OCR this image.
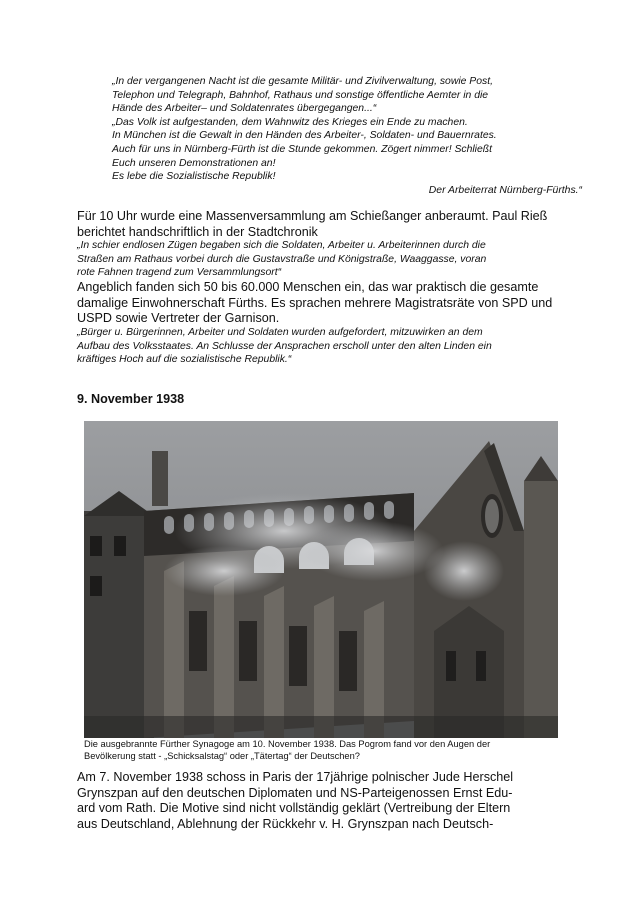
„In der vergangenen Nacht ist die gesamte Militär- und Zivilverwaltung, sowie Post,
Telephon und Telegraph, Bahnhof, Rathaus und sonstige öffentliche Aemter in die
Hände des Arbeiter– und Soldatenrates übergegangen...“
„Das Volk ist aufgestanden, dem Wahnwitz des Krieges ein Ende zu machen.
In München ist die Gewalt in den Händen des Arbeiter-, Soldaten- und Bauernrates.
Auch für uns in Nürnberg-Fürth ist die Stunde gekommen. Zögert nimmer! Schließt
Euch unseren Demonstrationen an!
Es lebe die Sozialistische Republik!
Der Arbeiterrat Nürnberg-Fürths.“
Für 10 Uhr wurde eine Massenversammlung am Schießanger anberaumt. Paul Rieß
berichtet handschriftlich in der Stadtchronik
„In schier endlosen Zügen begaben sich die Soldaten, Arbeiter u. Arbeiterinnen durch die
Straßen am Rathaus vorbei durch die Gustavstraße und Königstraße, Waaggasse, voran
rote Fahnen tragend zum Versammlungsort“
Angeblich fanden sich 50 bis 60.000 Menschen ein, das war praktisch die gesamte
damalige Einwohnerschaft Fürths. Es sprachen mehrere Magistratsräte von SPD und
USPD sowie Vertreter der Garnison.
„Bürger u. Bürgerinnen, Arbeiter und Soldaten wurden aufgefordert, mitzuwirken an dem
Aufbau des Volksstaates. An Schlusse der Ansprachen erscholl unter den alten Linden ein
kräftiges Hoch auf die sozialistische Republik.“
9. November 1938
Die ausgebrannte Fürther Synagoge am 10. November 1938. Das Pogrom fand vor den Augen der
Bevölkerung statt - „Schicksalstag“ oder „Tätertag“ der Deutschen?
Am 7. November 1938 schoss in Paris der 17jährige polnischer Jude Herschel
Grynszpan auf den deutschen Diplomaten und NS-Parteigenossen Ernst Edu-
ard vom Rath. Die Motive sind nicht vollständig geklärt (Vertreibung der Eltern
aus Deutschland, Ablehnung der Rückkehr v. H. Grynszpan nach Deutsch-
